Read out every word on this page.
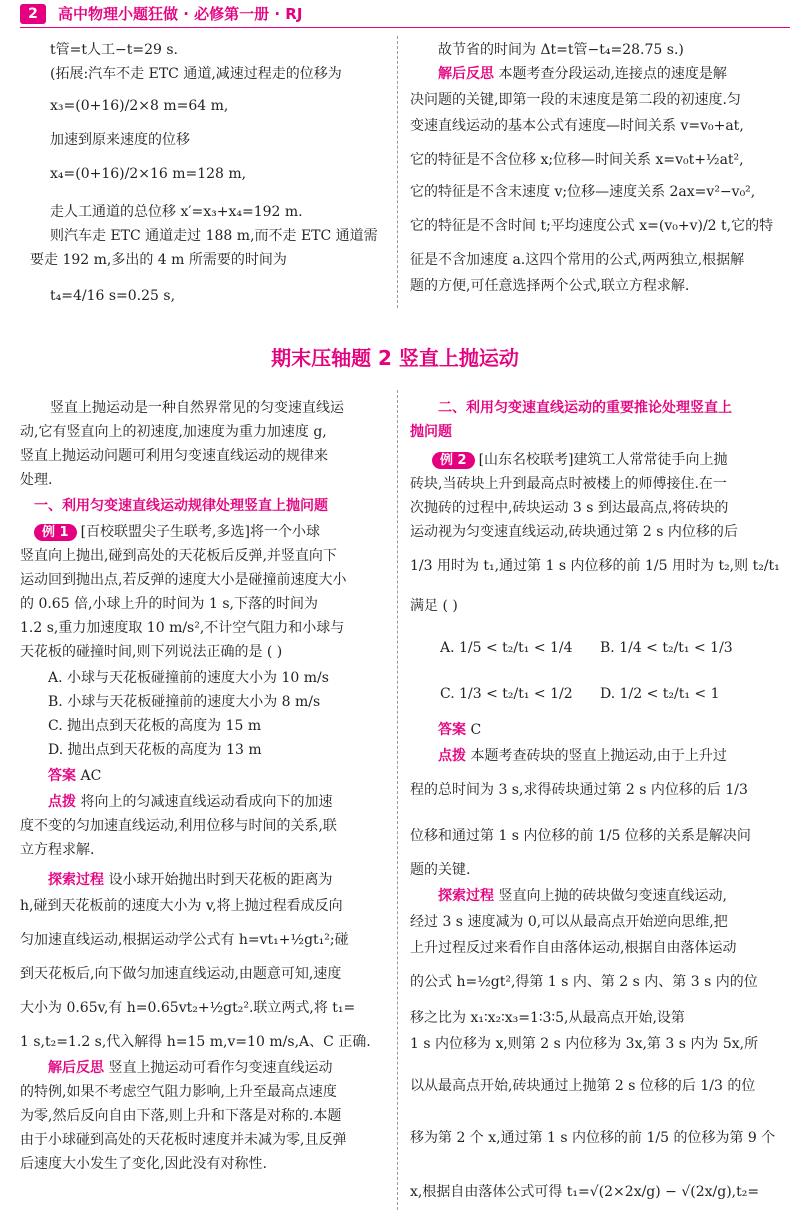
2	高中物理小题狂做 · 必修第一册 · RJ
t管=t人工−t=29 s.
(拓展:汽车不走 ETC 通道,减速过程走的位移为
x₃=(0+16)/2×8 m=64 m,
加速到原来速度的位移
x₄=(0+16)/2×16 m=128 m,
走人工通道的总位移 x′=x₃+x₄=192 m.
则汽车走 ETC 通道走过 188 m,而不走 ETC 通道需
要走 192 m,多出的 4 m 所需要的时间为
t₄=4/16 s=0.25 s,
故节省的时间为 Δt=t管−t₄=28.75 s.)
解后反思 本题考查分段运动,连接点的速度是解
决问题的关键,即第一段的末速度是第二段的初速度.匀
变速直线运动的基本公式有速度—时间关系 v=v₀+at,
它的特征是不含位移 x;位移—时间关系 x=v₀t+½at²,
它的特征是不含末速度 v;位移—速度关系 2ax=v²−v₀²,
它的特征是不含时间 t;平均速度公式 x=(v₀+v)/2 t,它的特
征是不含加速度 a.这四个常用的公式,两两独立,根据解
题的方便,可任意选择两个公式,联立方程求解.
期末压轴题 2 竖直上抛运动
竖直上抛运动是一种自然界常见的匀变速直线运
动,它有竖直向上的初速度,加速度为重力加速度 g,
竖直上抛运动问题可利用匀变速直线运动的规律来
处理.
一、利用匀变速直线运动规律处理竖直上抛问题
例 1 [百校联盟尖子生联考,多选]将一个小球
竖直向上抛出,碰到高处的天花板后反弹,并竖直向下
运动回到抛出点,若反弹的速度大小是碰撞前速度大小
的 0.65 倍,小球上升的时间为 1 s,下落的时间为
1.2 s,重力加速度取 10 m/s²,不计空气阻力和小球与
天花板的碰撞时间,则下列说法正确的是 ( )
A. 小球与天花板碰撞前的速度大小为 10 m/s
B. 小球与天花板碰撞前的速度大小为 8 m/s
C. 抛出点到天花板的高度为 15 m
D. 抛出点到天花板的高度为 13 m
答案 AC
点拨 将向上的匀减速直线运动看成向下的加速
度不变的匀加速直线运动,利用位移与时间的关系,联
立方程求解.
探索过程 设小球开始抛出时到天花板的距离为
h,碰到天花板前的速度大小为 v,将上抛过程看成反向
匀加速直线运动,根据运动学公式有 h=vt₁+½gt₁²;碰
到天花板后,向下做匀加速直线运动,由题意可知,速度
大小为 0.65v,有 h=0.65vt₂+½gt₂².联立两式,将 t₁=
1 s,t₂=1.2 s,代入解得 h=15 m,v=10 m/s,A、C 正确.
解后反思 竖直上抛运动可看作匀变速直线运动
的特例,如果不考虑空气阻力影响,上升至最高点速度
为零,然后反向自由下落,则上升和下落是对称的.本题
由于小球碰到高处的天花板时速度并未减为零,且反弹
后速度大小发生了变化,因此没有对称性.
二、利用匀变速直线运动的重要推论处理竖直上
抛问题
例 2 [山东名校联考]建筑工人常常徒手向上抛
砖块,当砖块上升到最高点时被楼上的师傅接住.在一
次抛砖的过程中,砖块运动 3 s 到达最高点,将砖块的
运动视为匀变速直线运动,砖块通过第 2 s 内位移的后
1/3 用时为 t₁,通过第 1 s 内位移的前 1/5 用时为 t₂,则 t₂/t₁
满足 ( )
A. 1/5 < t₂/t₁ < 1/4 B. 1/4 < t₂/t₁ < 1/3
C. 1/3 < t₂/t₁ < 1/2 D. 1/2 < t₂/t₁ < 1
答案 C
点拨 本题考查砖块的竖直上抛运动,由于上升过
程的总时间为 3 s,求得砖块通过第 2 s 内位移的后 1/3
位移和通过第 1 s 内位移的前 1/5 位移的关系是解决问
题的关键.
探索过程 竖直向上抛的砖块做匀变速直线运动,
经过 3 s 速度减为 0,可以从最高点开始逆向思维,把
上升过程反过来看作自由落体运动,根据自由落体运动
的公式 h=½gt²,得第 1 s 内、第 2 s 内、第 3 s 内的位
移之比为 x₁∶x₂∶x₃=1∶3∶5,从最高点开始,设第
1 s 内位移为 x,则第 2 s 内位移为 3x,第 3 s 内为 5x,所
以从最高点开始,砖块通过上抛第 2 s 位移的后 1/3 的位
移为第 2 个 x,通过第 1 s 内位移的前 1/5 的位移为第 9 个
x,根据自由落体公式可得 t₁=√(2×2x/g) − √(2x/g),t₂=
